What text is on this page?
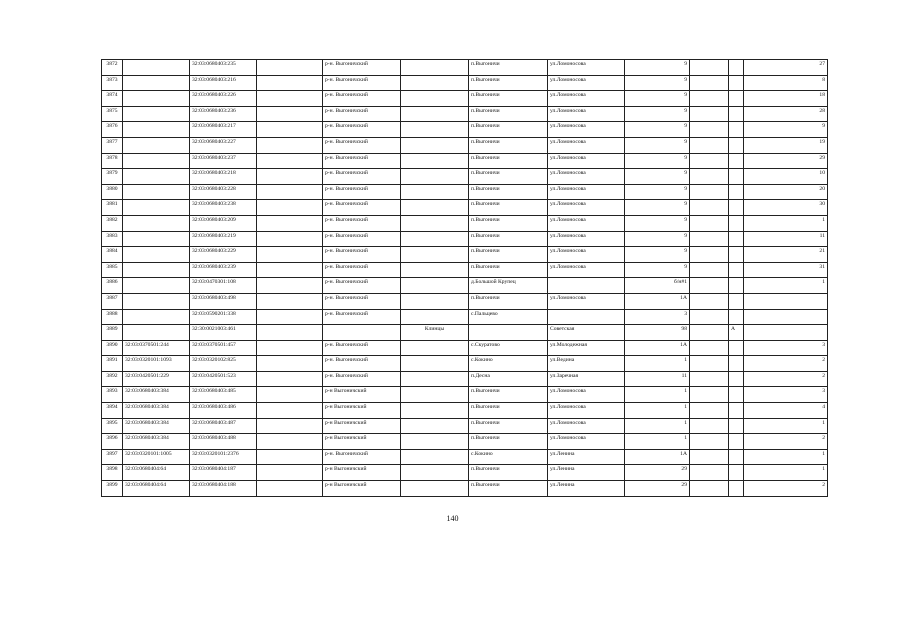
3872		32:03:0680403:235		р-н. Выгоничский		п.Выгоничи	ул.Ломоносова	9			27
3873		32:03:0680403:216		р-н. Выгоничский		п.Выгоничи	ул.Ломоносова	9			8
3874		32:03:0680403:226		р-н. Выгоничский		п.Выгоничи	ул.Ломоносова	9			18
3875		32:03:0680403:236		р-н. Выгоничский		п.Выгоничи	ул.Ломоносова	9			28
3876		32:03:0680403:217		р-н. Выгоничский		п.Выгоничи	ул.Ломоносова	9			9
3877		32:03:0680403:227		р-н. Выгоничский		п.Выгоничи	ул.Ломоносова	9			19
3878		32:03:0680403:237		р-н. Выгоничский		п.Выгоничи	ул.Ломоносова	9			29
3879		32:03:0680403:218		р-н. Выгоничский		п.Выгоничи	ул.Ломоносова	9			10
3880		32:03:0680403:228		р-н. Выгоничский		п.Выгоничи	ул.Ломоносова	9			20
3881		32:03:0680403:238		р-н. Выгоничский		п.Выгоничи	ул.Ломоносова	9			30
3882		32:03:0680403:209		р-н. Выгоничский		п.Выгоничи	ул.Ломоносова	9			1
3883		32:03:0680403:219		р-н. Выгоничский		п.Выгоничи	ул.Ломоносова	9			11
3884		32:03:0680403:229		р-н. Выгоничский		п.Выгоничи	ул.Ломоносова	9			21
3885		32:03:0680403:239		р-н. Выгоничский		п.Выгоничи	ул.Ломоносова	9			31
3886		32:03:0470301:108		р-н. Выгоничский		д.Большой Крупец		б/н#1			1
3887		32:03:0680403:498		р-н. Выгоничский		п.Выгоничи	ул.Ломоносова	1А			
3888		32:03:0590201:338		р-н. Выгоничский		с.Пальцево		3			
3889		32:30:0021003:461			Клинцы		Советская	98		А	
3890	32:03:0370501:244	32:03:0370501:457		р-н. Выгоничский		с.Скуратово	ул.Молодежная	1А			3
3891	32:03:0320101:1093	32:03:0320102:825		р-н. Выгоничский		с.Кокино	ул.Ведина	1			2
3892	32:03:0420501:229	32:03:0420501:523		р-н. Выгоничский		п.Десна	ул.Заречная	11			2
3893	32:03:0680403:384	32:03:0680403:485		р-н Выгоничский		п.Выгоничи	ул.Ломоносова	1			3
3894	32:03:0680403:384	32:03:0680403:486		р-н Выгоничский		п.Выгоничи	ул.Ломоносова	1			4
3895	32:03:0680403:384	32:03:0680403:487		р-н Выгоничский		п.Выгоничи	ул.Ломоносова	1			1
3896	32:03:0680403:384	32:03:0680403:488		р-н Выгоничский		п.Выгоничи	ул.Ломоносова	1			2
3897	32:03:0320101:1005	32:03:0320101:2376		р-н. Выгоничский		с.Кокино	ул.Ленина	1А			1
3898	32:03:0680404:64	32:03:0680404:187		р-н Выгоничский		п.Выгоничи	ул.Ленина	29			1
3899	32:03:0680404:64	32:03:0680404:188		р-н Выгоничский		п.Выгоничи	ул.Ленина	29			2
140
